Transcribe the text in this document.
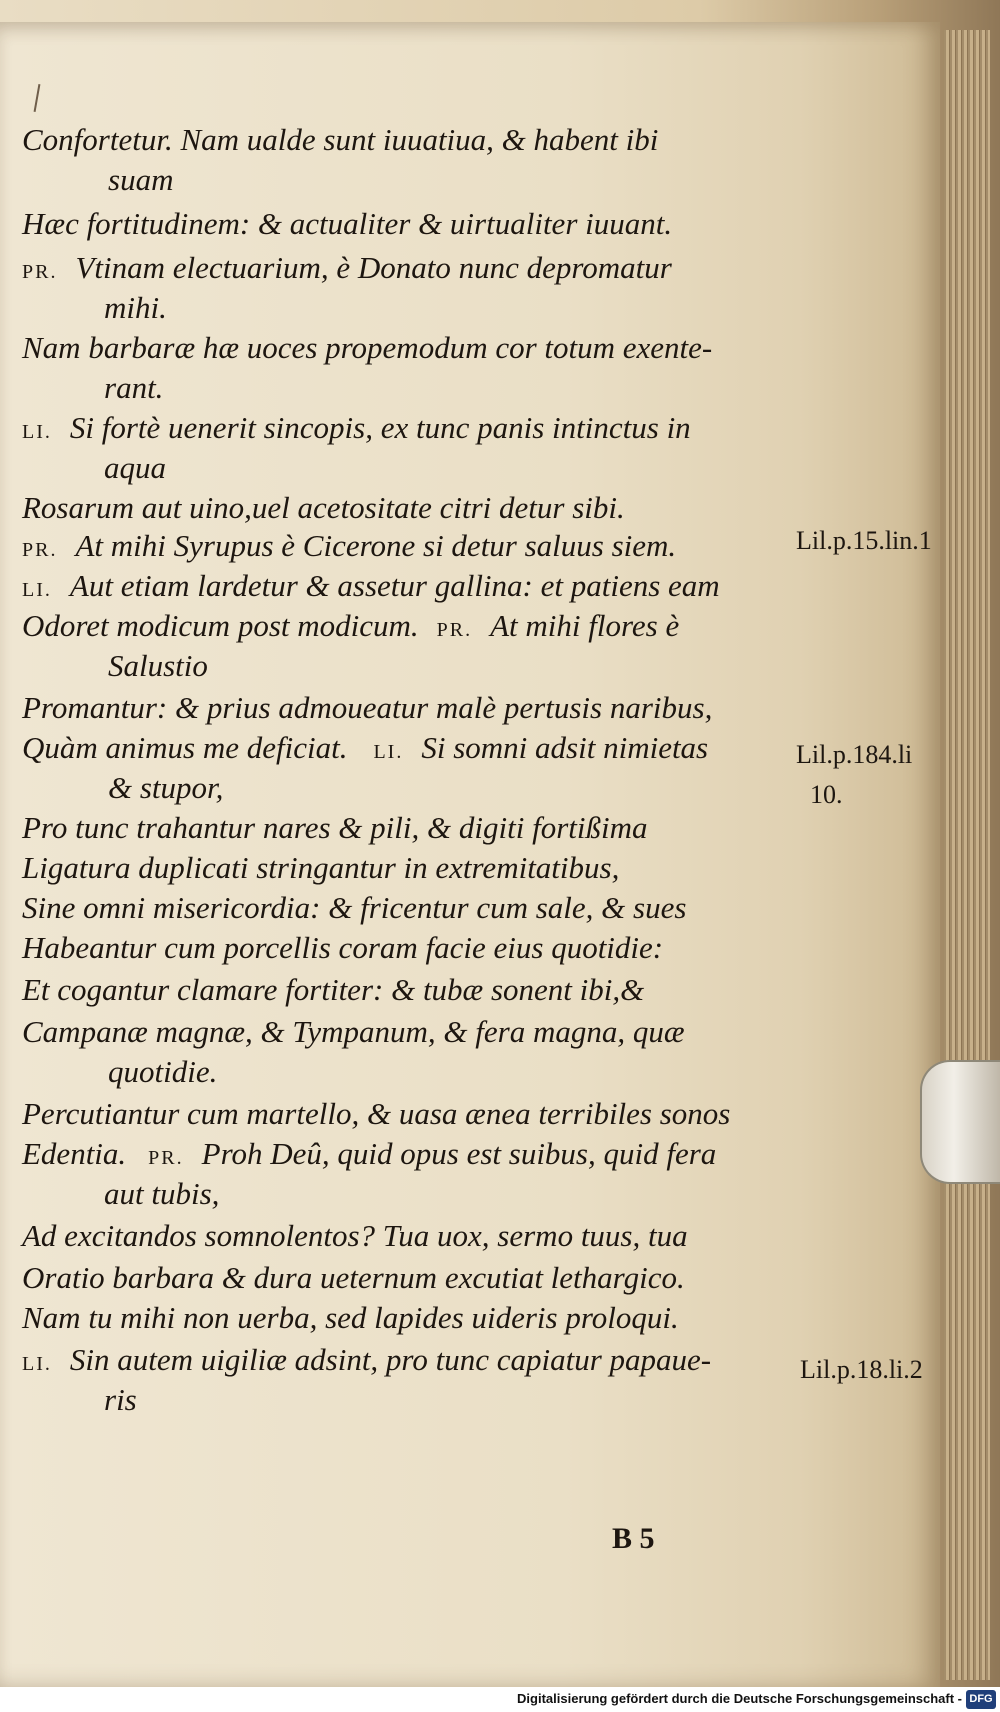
Confortetur. Nam ualde sunt iuuatiua, & habent ibi
suam
Hæc fortitudinem: & actualiter & uirtualiter iuuant.
PR. Vtinam electuarium, è Donato nunc depromatur
mihi.
Nam barbaræ hæ uoces propemodum cor totum exente-
rant.
LI. Si fortè uenerit sincopis, ex tunc panis intinctus in
aqua
Rosarum aut uino,uel acetositate citri detur sibi.
PR. At mihi Syrupus è Cicerone si detur saluus siem.
LI. Aut etiam lardetur & assetur gallina: et patiens eam
Odoret modicum post modicum. PR. At mihi flores è
Salustio
Promantur: & prius admoueatur malè pertusis naribus,
Quàm animus me deficiat. LI. Si somni adsit nimietas
& stupor,
Pro tunc trahantur nares & pili, & digiti fortißima
Ligatura duplicati stringantur in extremitatibus,
Sine omni misericordia: & fricentur cum sale, & sues
Habeantur cum porcellis coram facie eius quotidie:
Et cogantur clamare fortiter: & tubæ sonent ibi,&
Campanæ magnæ, & Tympanum, & fera magna, quæ
quotidie.
Percutiantur cum martello, & uasa ænea terribiles sonos
Edentia. PR. Proh Deû, quid opus est suibus, quid fera
aut tubis,
Ad excitandos somnolentos? Tua uox, sermo tuus, tua
Oratio barbara & dura ueternum excutiat lethargico.
Nam tu mihi non uerba, sed lapides uideris proloqui.
LI. Sin autem uigiliæ adsint, pro tunc capiatur papaue-
ris
Lil.p.15.lin.1
Lil.p.184.li
10.
Lil.p.18.li.2
B 5
Digitalisierung gefördert durch die Deutsche Forschungsgemeinschaft - DFG
